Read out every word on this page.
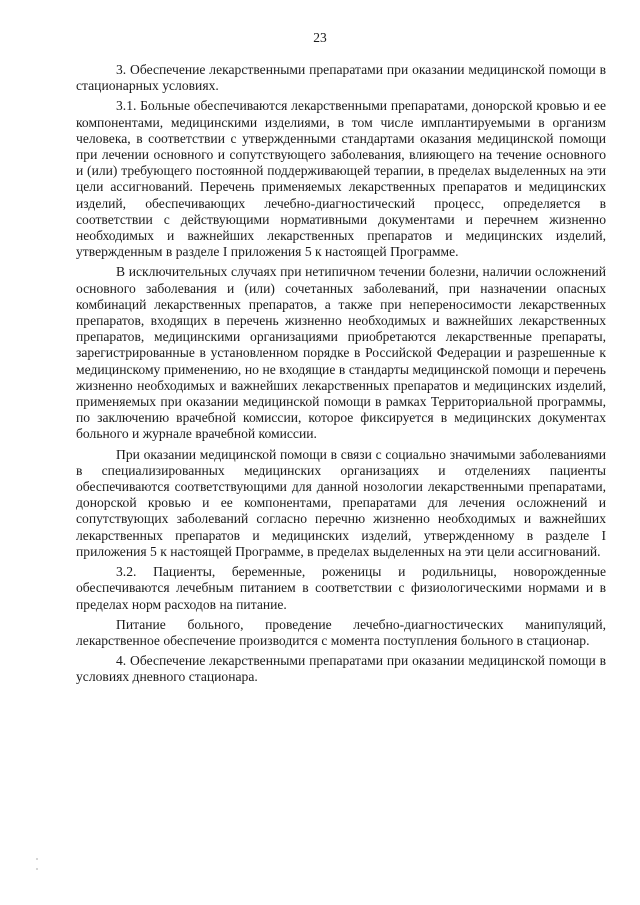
23

3. Обеспечение лекарственными препаратами при оказании медицинской помощи в стационарных условиях.

3.1. Больные обеспечиваются лекарственными препаратами, донорской кровью и ее компонентами, медицинскими изделиями, в том числе имплантируемыми в организм человека, в соответствии с утвержденными стандартами оказания медицинской помощи при лечении основного и сопутствующего заболевания, влияющего на течение основного и (или) требующего постоянной поддерживающей терапии, в пределах выделенных на эти цели ассигнований. Перечень применяемых лекарственных препаратов и медицинских изделий, обеспечивающих лечебно-диагностический процесс, определяется в соответствии с действующими нормативными документами и перечнем жизненно необходимых и важнейших лекарственных препаратов и медицинских изделий, утвержденным в разделе I приложения 5 к настоящей Программе.

В исключительных случаях при нетипичном течении болезни, наличии осложнений основного заболевания и (или) сочетанных заболеваний, при назначении опасных комбинаций лекарственных препаратов, а также при непереносимости лекарственных препаратов, входящих в перечень жизненно необходимых и важнейших лекарственных препаратов, медицинскими организациями приобретаются лекарственные препараты, зарегистрированные в установленном порядке в Российской Федерации и разрешенные к медицинскому применению, но не входящие в стандарты медицинской помощи и перечень жизненно необходимых и важнейших лекарственных препаратов и медицинских изделий, применяемых при оказании медицинской помощи в рамках Территориальной программы, по заключению врачебной комиссии, которое фиксируется в медицинских документах больного и журнале врачебной комиссии.

При оказании медицинской помощи в связи с социально значимыми заболеваниями в специализированных медицинских организациях и отделениях пациенты обеспечиваются соответствующими для данной нозологии лекарственными препаратами, донорской кровью и ее компонентами, препаратами для лечения осложнений и сопутствующих заболеваний согласно перечню жизненно необходимых и важнейших лекарственных препаратов и медицинских изделий, утвержденному в разделе I приложения 5 к настоящей Программе, в пределах выделенных на эти цели ассигнований.

3.2. Пациенты, беременные, роженицы и родильницы, новорожденные обеспечиваются лечебным питанием в соответствии с физиологическими нормами и в пределах норм расходов на питание.

Питание больного, проведение лечебно-диагностических манипуляций, лекарственное обеспечение производится с момента поступления больного в стационар.

4. Обеспечение лекарственными препаратами при оказании медицинской помощи в условиях дневного стационара.
